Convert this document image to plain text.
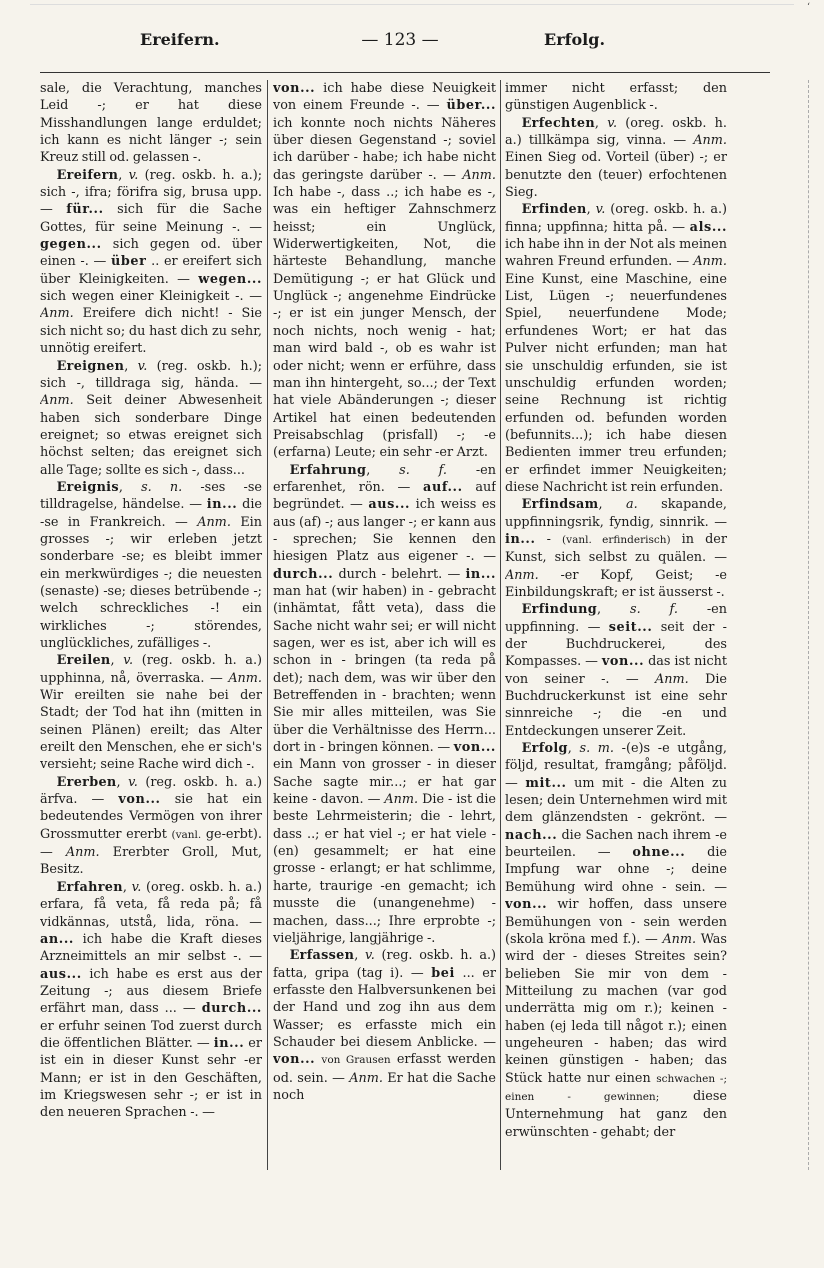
‘
Ereifern.	— 123 —	Erfolg.

sale, die Verachtung, manches Leid -; er hat diese Misshandlungen lange erduldet; ich kann es nicht länger -; sein Kreuz still od. gelassen -.

Ereifern, v. (reg. oskb. h. a.); sich -, ifra; förifra sig, brusa upp. — für... sich für die Sache Gottes, für seine Meinung -. — gegen... sich gegen od. über einen -. — über .. er ereifert sich über Kleinigkeiten. — wegen... sich wegen einer Kleinigkeit -. — Anm. Ereifere dich nicht! - Sie sich nicht so; du hast dich zu sehr, unnötig ereifert.

Ereignen, v. (reg. oskb. h.); sich -, tilldraga sig, hända. — Anm. Seit deiner Abwesenheit haben sich sonderbare Dinge ereignet; so etwas ereignet sich höchst selten; das ereignet sich alle Tage; sollte es sich -, dass...

Ereignis, s. n. -ses -se tilldragelse, händelse. — in... die -se in Frankreich. — Anm. Ein grosses -; wir erleben jetzt sonderbare -se; es bleibt immer ein merkwürdiges -; die neuesten (senaste) -se; dieses betrübende -; welch schreckliches -! ein wirkliches -; störendes, unglückliches, zufälliges -.

Ereilen, v. (reg. oskb. h. a.) upphinna, nå, överraska. — Anm. Wir ereilten sie nahe bei der Stadt; der Tod hat ihn (mitten in seinen Plänen) ereilt; das Alter ereilt den Menschen, ehe er sich's versieht; seine Rache wird dich -.

Ererben, v. (reg. oskb. h. a.) ärfva. — von... sie hat ein bedeutendes Vermögen von ihrer Grossmutter ererbt (vanl. ge-erbt). — Anm. Ererbter Groll, Mut, Besitz.

Erfahren, v. (oreg. oskb. h. a.) erfara, få veta, få reda på; få vidkännas, utstå, lida, röna. — an... ich habe die Kraft dieses Arzneimittels an mir selbst -. — aus... ich habe es erst aus der Zeitung -; aus diesem Briefe erfährt man, dass ... — durch... er erfuhr seinen Tod zuerst durch die öffentlichen Blätter. — in... er ist ein in dieser Kunst sehr -er Mann; er ist in den Geschäften, im Kriegswesen sehr -; er ist in den neueren Sprachen -. —

von... ich habe diese Neuigkeit von einem Freunde -. — über... ich konnte noch nichts Näheres über diesen Gegenstand -; soviel ich darüber - habe; ich habe nicht das geringste darüber -. — Anm. Ich habe -, dass ..; ich habe es -, was ein heftiger Zahnschmerz heisst; ein Unglück, Widerwertigkeiten, Not, die härteste Behandlung, manche Demütigung -; er hat Glück und Unglück -; angenehme Eindrücke -; er ist ein junger Mensch, der noch nichts, noch wenig - hat; man wird bald -, ob es wahr ist oder nicht; wenn er erführe, dass man ihn hintergeht, so...; der Text hat viele Abänderungen -; dieser Artikel hat einen bedeutenden Preisabschlag (prisfall) -; -e (erfarna) Leute; ein sehr -er Arzt.

Erfahrung, s. f. -en erfarenhet, rön. — auf... auf begründet. — aus... ich weiss es aus (af) -; aus langer -; er kann aus - sprechen; Sie kennen den hiesigen Platz aus eigener -. — durch... durch - belehrt. — in... man hat (wir haben) in - gebracht (inhämtat, fått veta), dass die Sache nicht wahr sei; er will nicht sagen, wer es ist, aber ich will es schon in - bringen (ta reda på det); nach dem, was wir über den Betreffenden in - brachten; wenn Sie mir alles mitteilen, was Sie über die Verhältnisse des Herrn... dort in - bringen können. — von... ein Mann von grosser - in dieser Sache sagte mir...; er hat gar keine - davon. — Anm. Die - ist die beste Lehrmeisterin; die - lehrt, dass ..; er hat viel -; er hat viele -(en) gesammelt; er hat eine grosse - erlangt; er hat schlimme, harte, traurige -en gemacht; ich musste die (unangenehme) - machen, dass...; Ihre erprobte -; vieljährige, langjährige -.

Erfassen, v. (reg. oskb. h. a.) fatta, gripa (tag i). — bei ... er erfasste den Halbversunkenen bei der Hand und zog ihn aus dem Wasser; es erfasste mich ein Schauder bei diesem Anblicke. — von... von Grausen erfasst werden od. sein. — Anm. Er hat die Sache noch

immer nicht erfasst; den günstigen Augenblick -.

Erfechten, v. (oreg. oskb. h. a.) tillkämpa sig, vinna. — Anm. Einen Sieg od. Vorteil (über) -; er benutzte den (teuer) erfochtenen Sieg.

Erfinden, v. (oreg. oskb. h. a.) finna; uppfinna; hitta på. — als... ich habe ihn in der Not als meinen wahren Freund erfunden. — Anm. Eine Kunst, eine Maschine, eine List, Lügen -; neuerfundenes Spiel, neuerfundene Mode; erfundenes Wort; er hat das Pulver nicht erfunden; man hat sie unschuldig erfunden, sie ist unschuldig erfunden worden; seine Rechnung ist richtig erfunden od. befunden worden (befunnits...); ich habe diesen Bedienten immer treu erfunden; er erfindet immer Neuigkeiten; diese Nachricht ist rein erfunden.

Erfindsam, a. skapande, uppfinningsrik, fyndig, sinnrik. — in... - (vanl. erfinderisch) in der Kunst, sich selbst zu quälen. — Anm. -er Kopf, Geist; -e Einbildungskraft; er ist äusserst -.

Erfindung, s. f. -en uppfinning. — seit... seit der - der Buchdruckerei, des Kompasses. — von... das ist nicht von seiner -. — Anm. Die Buchdruckerkunst ist eine sehr sinnreiche -; die -en und Entdeckungen unserer Zeit.

Erfolg, s. m. -(e)s -e utgång, följd, resultat, framgång; påföljd. — mit... um mit - die Alten zu lesen; dein Unternehmen wird mit dem glänzendsten - gekrönt. — nach... die Sachen nach ihrem -e beurteilen. — ohne... die Impfung war ohne -; deine Bemühung wird ohne - sein. — von... wir hoffen, dass unsere Bemühungen von - sein werden (skola kröna med f.). — Anm. Was wird der - dieses Streites sein? belieben Sie mir von dem - Mitteilung zu machen (var god underrätta mig om r.); keinen - haben (ej leda till något r.); einen ungeheuren - haben; das wird keinen günstigen - haben; das Stück hatte nur einen schwachen -; einen - gewinnen; diese Unternehmung hat ganz den erwünschten - gehabt; der
